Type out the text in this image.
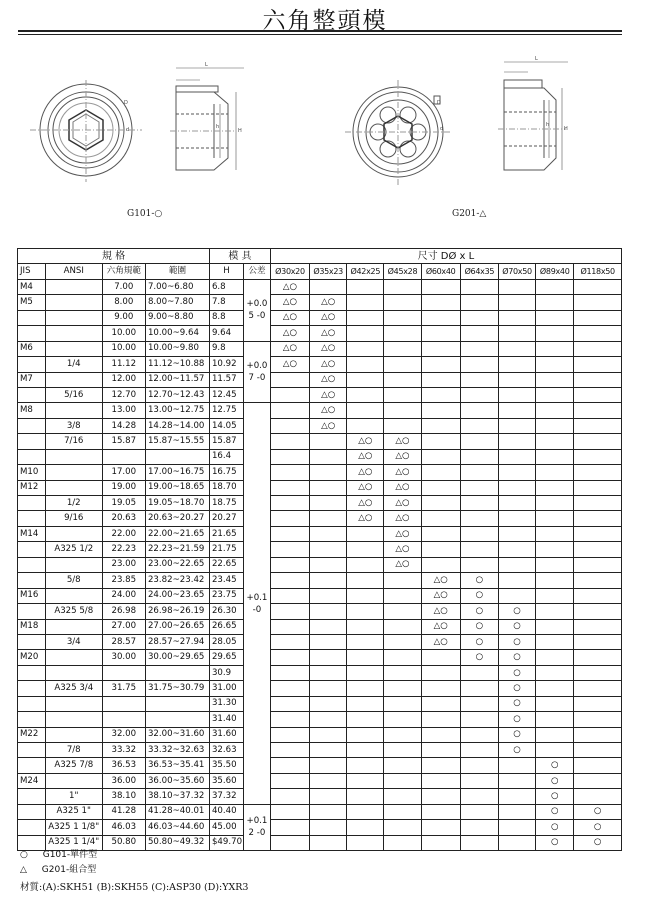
六角整頭模
L
D
d	H
h
L
D
d	H
h
G101-○	G201-△
規 格				模 具		尺寸 DØ x L								
JIS	ANSI	六角規範	範圍	H	公差	Ø30x20	Ø35x23	Ø42x25	Ø45x28	Ø60x40	Ø64x35	Ø70x50	Ø89x40	Ø118x50
M4		7.00	7.00~6.80	6.8	+0.0 5 -0	△○								
M5		8.00	8.00~7.80	7.8		△○	△○							
		9.00	9.00~8.80	8.8		△○	△○							
		10.00	10.00~9.64	9.64		△○	△○							
M6		10.00	10.00~9.80	9.8	+0.0 7 -0	△○	△○							
	1/4	11.12	11.12~10.88	10.92		△○	△○							
M7		12.00	12.00~11.57	11.57			△○							
	5/16	12.70	12.70~12.43	12.45			△○							
M8		13.00	13.00~12.75	12.75	+0.1 -0		△○							
	3/8	14.28	14.28~14.00	14.05			△○							
	7/16	15.87	15.87~15.55	15.87				△○	△○					
				16.4				△○	△○					
M10		17.00	17.00~16.75	16.75				△○	△○					
M12		19.00	19.00~18.65	18.70				△○	△○					
	1/2	19.05	19.05~18.70	18.75				△○	△○					
	9/16	20.63	20.63~20.27	20.27				△○	△○					
M14		22.00	22.00~21.65	21.65					△○					
	A325 1/2	22.23	22.23~21.59	21.75					△○					
		23.00	23.00~22.65	22.65					△○					
	5/8	23.85	23.82~23.42	23.45						△○	○			
M16		24.00	24.00~23.65	23.75						△○	○			
	A325 5/8	26.98	26.98~26.19	26.30						△○	○	○		
M18		27.00	27.00~26.65	26.65						△○	○	○		
	3/4	28.57	28.57~27.94	28.05						△○	○	○		
M20		30.00	30.00~29.65	29.65							○	○		
				30.9								○		
	A325 3/4	31.75	31.75~30.79	31.00								○		
				31.30								○		
				31.40								○		
M22		32.00	32.00~31.60	31.60								○		
	7/8	33.32	33.32~32.63	32.63								○		
	A325 7/8	36.53	36.53~35.41	35.50									○	
M24		36.00	36.00~35.60	35.60									○	
	1"	38.10	38.10~37.32	37.32									○	
	A325 1"	41.28	41.28~40.01	40.40	+0.1 2 -0								○	○
	A325 1 1/8"	46.03	46.03~44.60	45.00									○	○
	A325 1 1/4"	50.80	50.80~49.32	$49.70									○	○
○ G101-單件型
△ G201-組合型
材質:(A):SKH51 (B):SKH55 (C):ASP30 (D):YXR3
